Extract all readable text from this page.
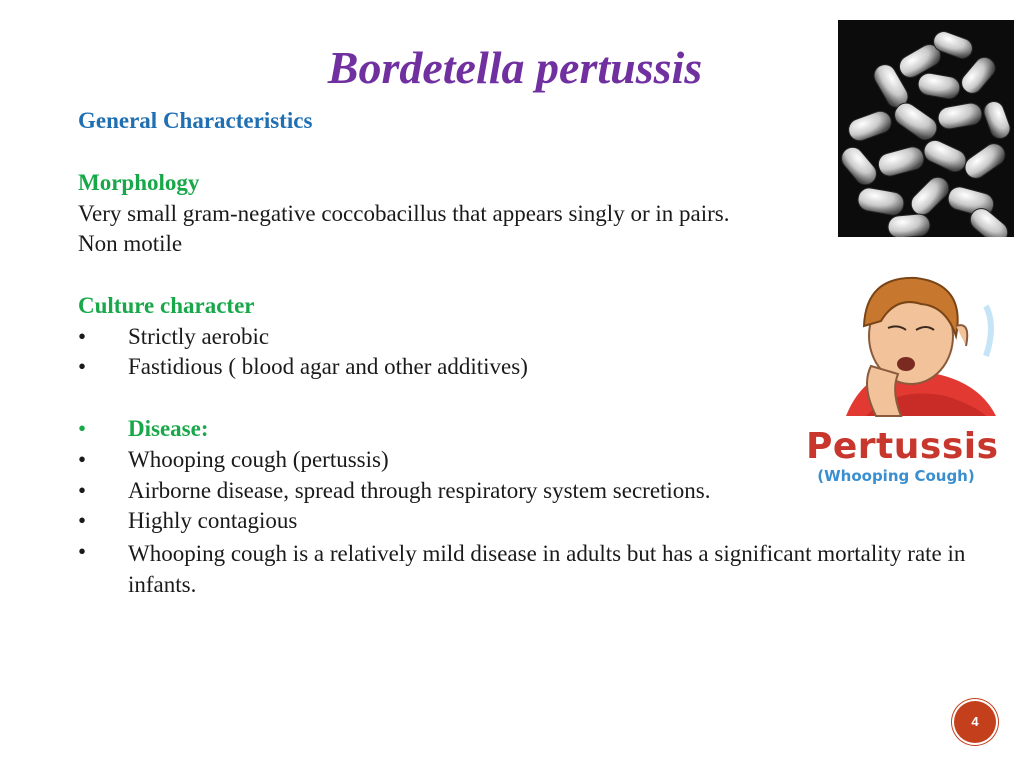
Bordetella pertussis
General Characteristics
Morphology
Very small gram-negative coccobacillus that appears singly or in pairs.
Non motile
Culture character
•	Strictly aerobic
•	Fastidious ( blood agar and other additives)
•	Disease:
•	Whooping cough (pertussis)
•	Airborne disease, spread through respiratory system secretions.
•	Highly contagious
•	Whooping cough is a relatively mild disease in adults but has a significant mortality rate in infants.
Pertussis
(Whooping Cough)
4
